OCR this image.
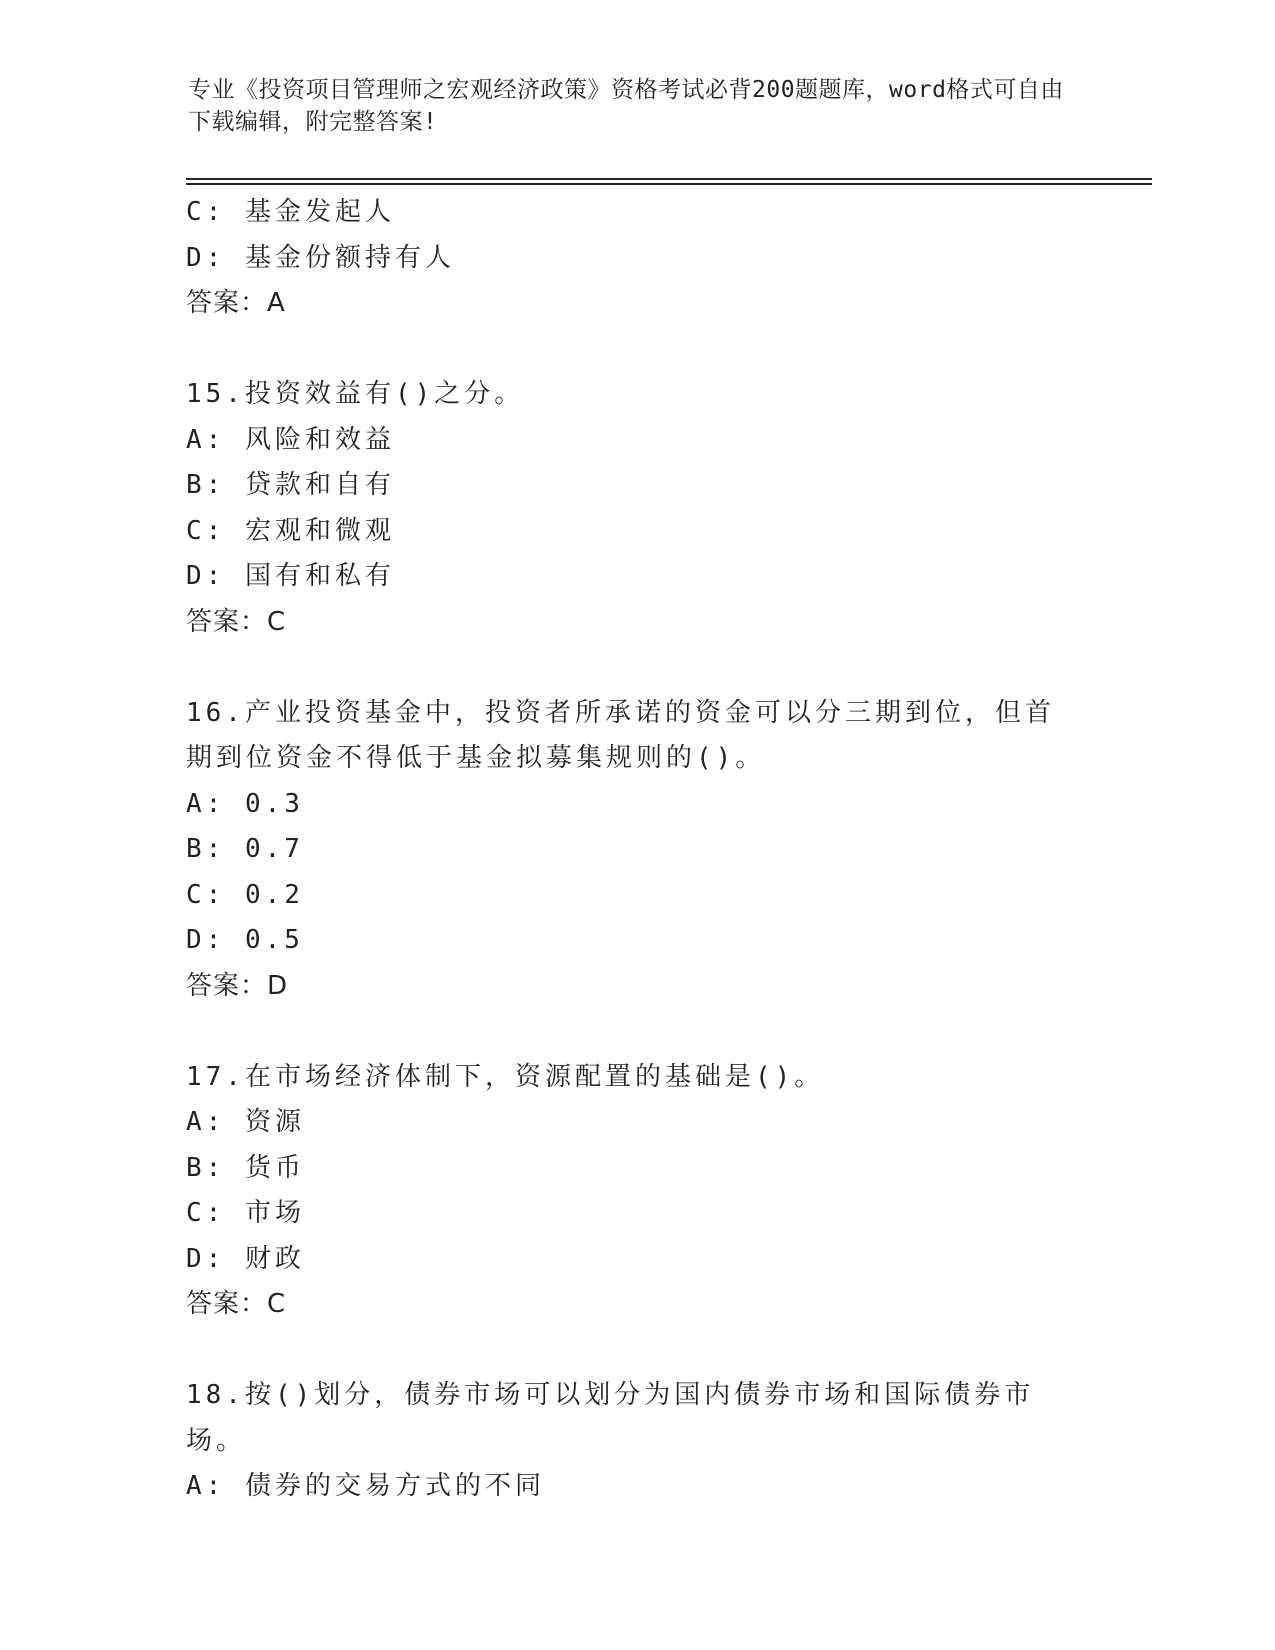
专业《投资项目管理师之宏观经济政策》资格考试必背200题题库，word格式可自由下载编辑，附完整答案!
C: 基金发起人
D: 基金份额持有人
答案：A
15.投资效益有()之分。
A: 风险和效益
B: 贷款和自有
C: 宏观和微观
D: 国有和私有
答案：C
16.产业投资基金中，投资者所承诺的资金可以分三期到位，但首期到位资金不得低于基金拟募集规则的()。
A: 0.3
B: 0.7
C: 0.2
D: 0.5
答案：D
17.在市场经济体制下，资源配置的基础是()。
A: 资源
B: 货币
C: 市场
D: 财政
答案：C
18.按()划分，债券市场可以划分为国内债券市场和国际债券市场。
A: 债券的交易方式的不同
